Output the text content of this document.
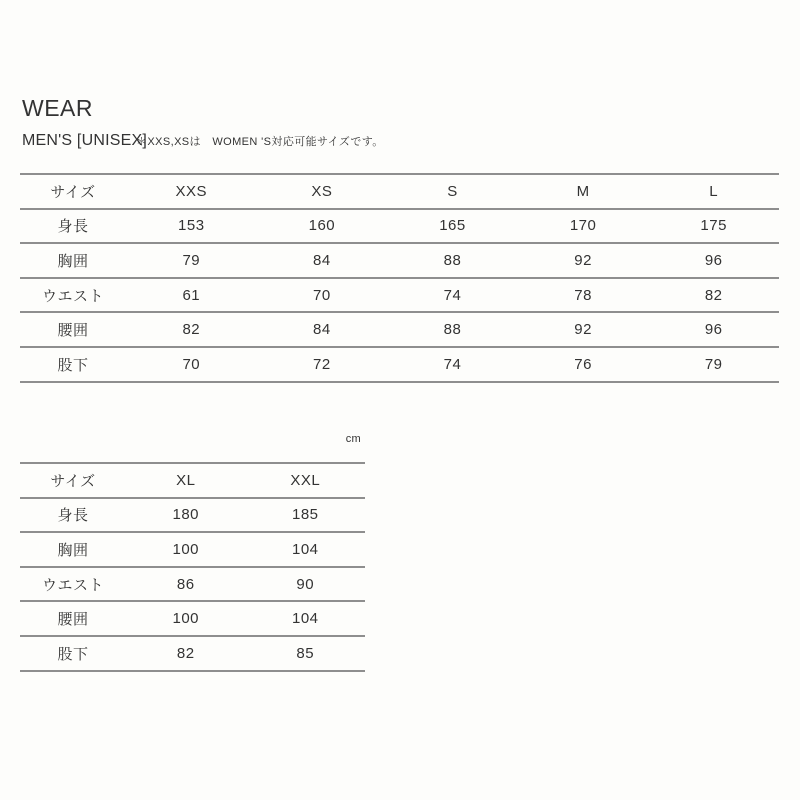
WEAR
MEN'S [UNISEX]
＊XXS,XSは　WOMEN 'S対応可能サイズです。
サイズ	XXS	XS	S	M	L
身長	153	160	165	170	175
胸囲	79	84	88	92	96
ウエスト	61	70	74	78	82
腰囲	82	84	88	92	96
股下	70	72	74	76	79
cm
サイズ	XL	XXL
身長	180	185
胸囲	100	104
ウエスト	86	90
腰囲	100	104
股下	82	85
